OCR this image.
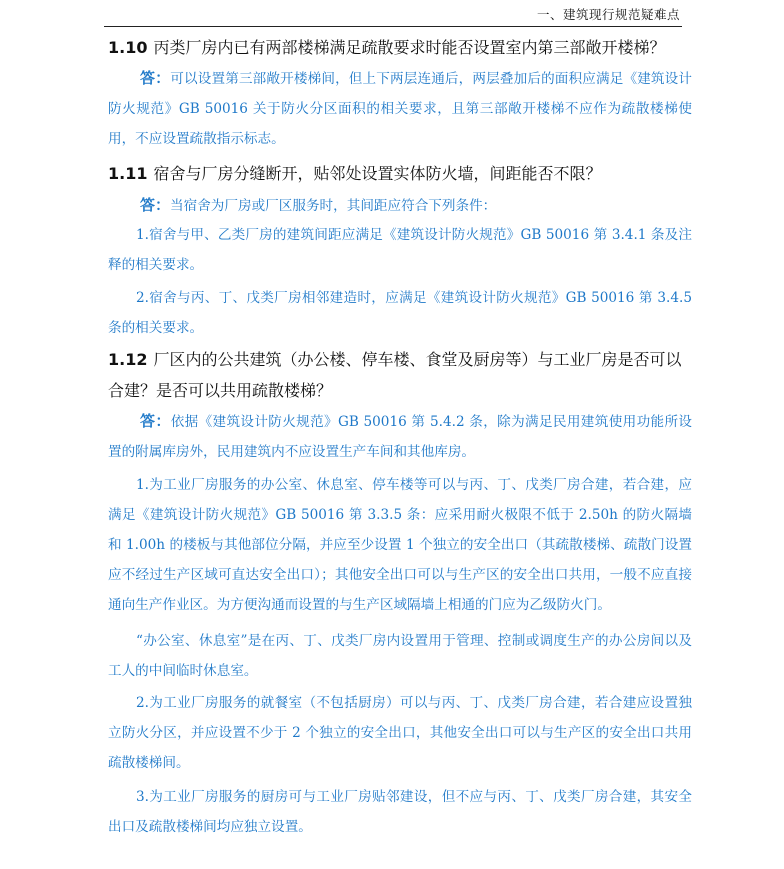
一、建筑现行规范疑难点
1.10 丙类厂房内已有两部楼梯满足疏散要求时能否设置室内第三部敞开楼梯？
答：可以设置第三部敞开楼梯间，但上下两层连通后，两层叠加后的面积应满足《建筑设计防火规范》GB 50016 关于防火分区面积的相关要求，且第三部敞开楼梯不应作为疏散楼梯使用，不应设置疏散指示标志。
1.11 宿舍与厂房分缝断开，贴邻处设置实体防火墙，间距能否不限？
答：当宿舍为厂房或厂区服务时，其间距应符合下列条件：
1.宿舍与甲、乙类厂房的建筑间距应满足《建筑设计防火规范》GB 50016 第 3.4.1 条及注释的相关要求。
2.宿舍与丙、丁、戊类厂房相邻建造时，应满足《建筑设计防火规范》GB 50016 第 3.4.5 条的相关要求。
1.12 厂区内的公共建筑（办公楼、停车楼、食堂及厨房等）与工业厂房是否可以合建？是否可以共用疏散楼梯？
答：依据《建筑设计防火规范》GB 50016 第 5.4.2 条，除为满足民用建筑使用功能所设置的附属库房外，民用建筑内不应设置生产车间和其他库房。
1.为工业厂房服务的办公室、休息室、停车楼等可以与丙、丁、戊类厂房合建，若合建，应满足《建筑设计防火规范》GB 50016 第 3.3.5 条：应采用耐火极限不低于 2.50h 的防火隔墙和 1.00h 的楼板与其他部位分隔，并应至少设置 1 个独立的安全出口（其疏散楼梯、疏散门设置应不经过生产区域可直达安全出口）；其他安全出口可以与生产区的安全出口共用，一般不应直接通向生产作业区。为方便沟通而设置的与生产区域隔墙上相通的门应为乙级防火门。
“办公室、休息室”是在丙、丁、戊类厂房内设置用于管理、控制或调度生产的办公房间以及工人的中间临时休息室。
2.为工业厂房服务的就餐室（不包括厨房）可以与丙、丁、戊类厂房合建，若合建应设置独立防火分区，并应设置不少于 2 个独立的安全出口，其他安全出口可以与生产区的安全出口共用疏散楼梯间。
3.为工业厂房服务的厨房可与工业厂房贴邻建设，但不应与丙、丁、戊类厂房合建，其安全出口及疏散楼梯间均应独立设置。
